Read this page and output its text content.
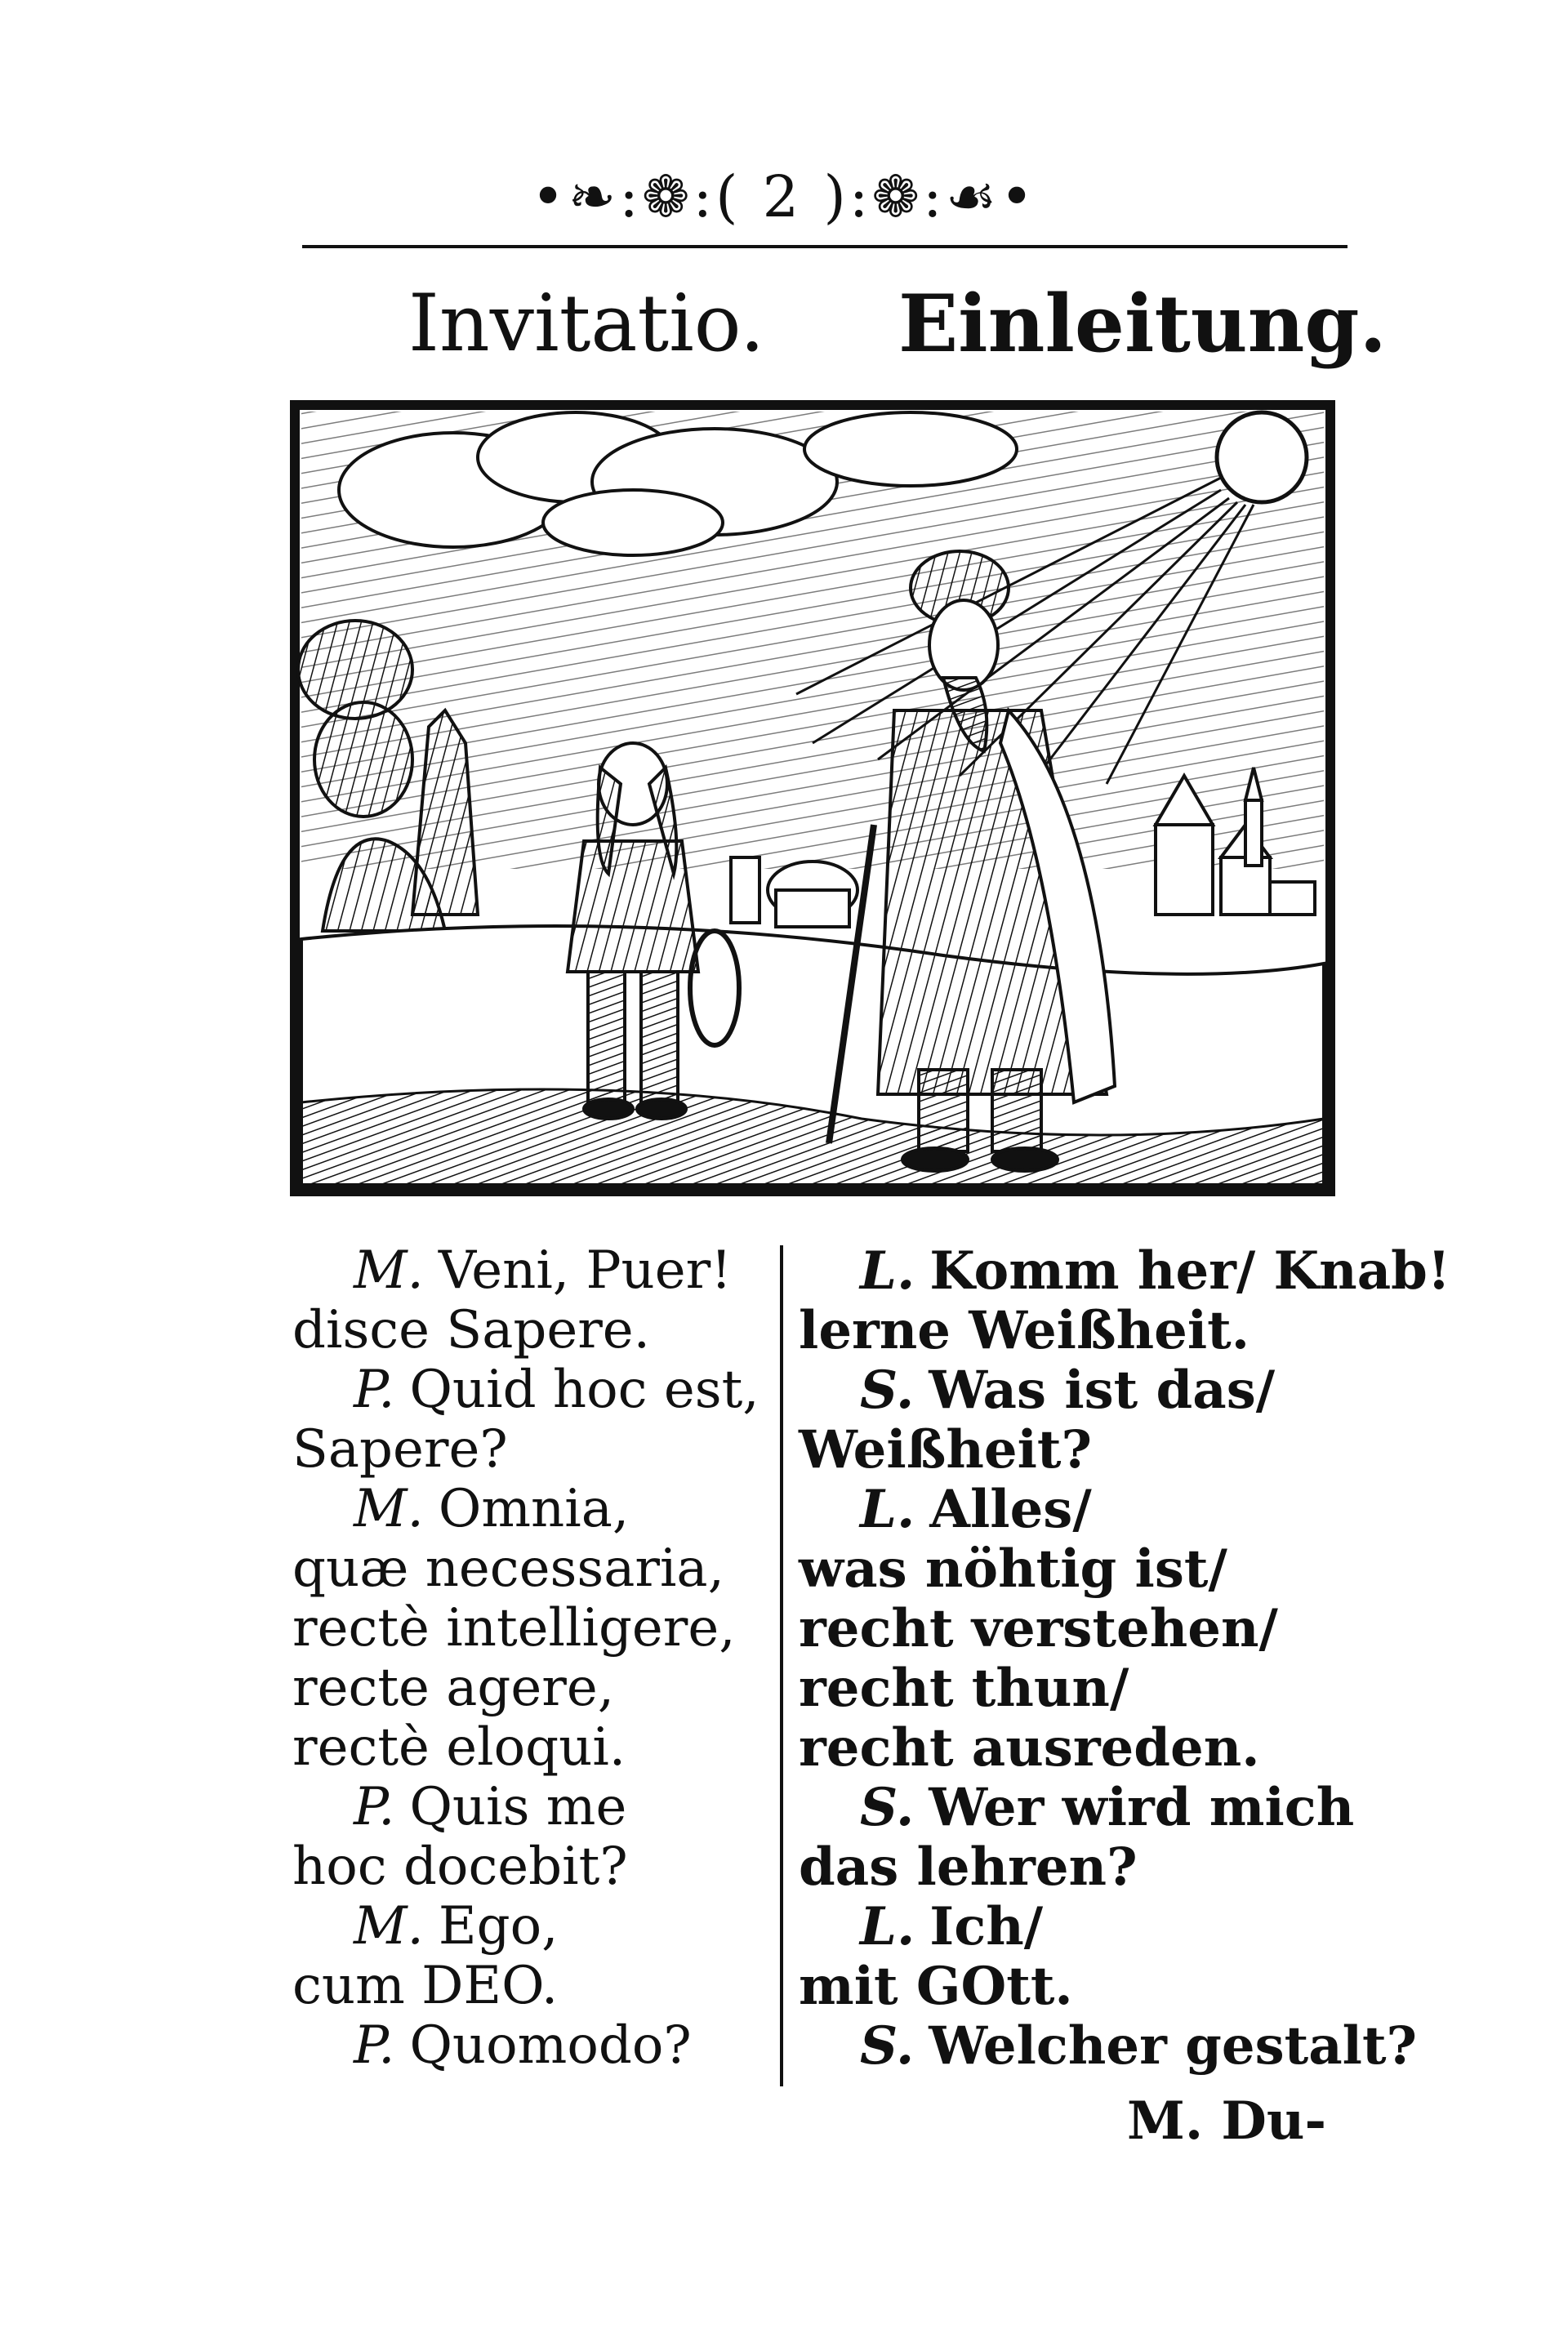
•❧:❁:( 2 ):❁:☙•
Invitatio. Einleitung.
M. Veni, Puer!
disce Sapere.
P. Quid hoc est,
Sapere?
M. Omnia,
quæ necessaria,
rectè intelligere,
recte agere,
rectè eloqui.
P. Quis me
hoc docebit?
M. Ego,
cum DEO.
P. Quomodo?
L. Komm her/ Knab!
lerne Weißheit.
S. Was ist das/
Weißheit?
L. Alles/
was nöhtig ist/
recht verstehen/
recht thun/
recht ausreden.
S. Wer wird mich
das lehren?
L. Ich/
mit GOtt.
S. Welcher gestalt?
M. Du-
